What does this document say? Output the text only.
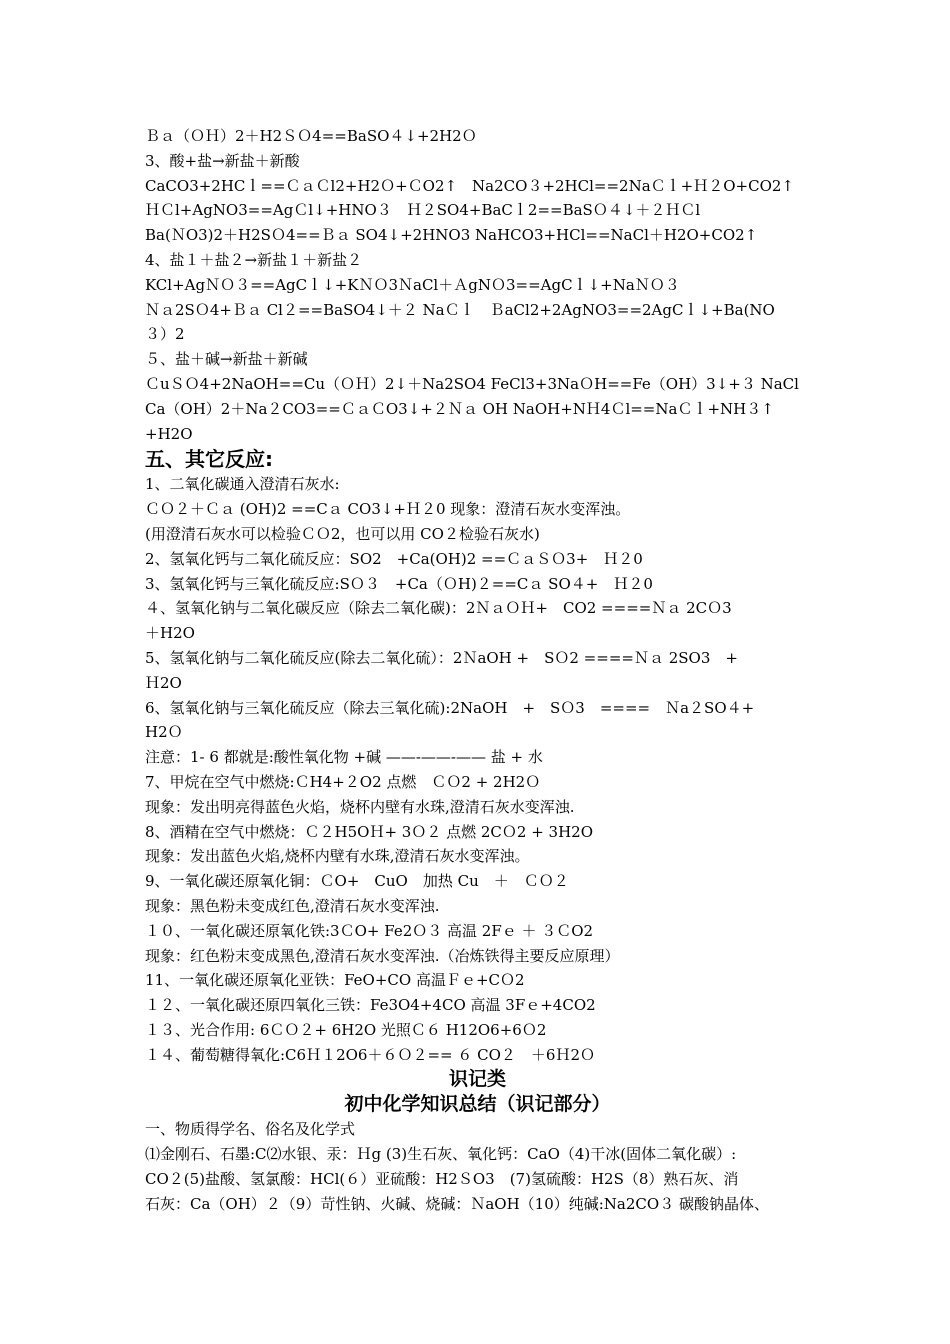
Ｂａ（ＯＨ）2＋H2ＳＯ4==BaSO４↓+2H2Ｏ
3、酸+盐→新盐＋新酸
CaCO3+2HCｌ==ＣａＣl2+H2Ｏ+ＣO2↑　Na2CO３+2HCl==2NaＣｌ+Ｈ２O+CO2↑
ＨＣl+AgNO3==AgＣl↓+HNO３　Ｈ２SO4+BaCｌ2==BaSＯ４↓＋２ＨＣl
Ba(ＮO3)2＋H2SＯ4==Ｂａ SO4↓+2HNO3 NaHCO3+HCl==NaCl＋H2O+CO2↑
4、盐１＋盐２→新盐１＋新盐２
KCl+AgＮＯ３==AgCｌ↓+KＮＯ3ＮaCl＋ＡgNＯ3==AgCｌ↓+NaＮＯ３
Ｎａ2SＯ4+Ｂａ Cl２==BaSO4↓＋２ NaＣｌ　ＢaCl2+2AgNO3==2AgCｌ↓+Ba(NO
３）2
５、盐＋碱→新盐＋新碱
ＣuＳＯ4+2NaOH==Cu（ＯＨ）2↓＋Na2SO4 FeCl3+3NaＯH==Fe（OH）3↓+３ NaCl
Ca（OH）2＋Na２CO3==ＣａＣO3↓+２Ｎａ OH NaOH+NＨ4Ｃl==NaＣｌ+NH３↑
+H2O
五、其它反应:
1、二氧化碳通入澄清石灰水:
ＣＯ２＋Ｃａ (OH)2 ==Cａ CO3↓+Ｈ２0 现象：澄清石灰水变浑浊。
(用澄清石灰水可以检验ＣＯ2，也可以用 CO２检验石灰水)
2、氢氧化钙与二氧化硫反应：SO2　+Ca(OH)2 ==ＣａＳＯ3+　Ｈ２0
3、氢氧化钙与三氧化硫反应:SＯ３　+Ca（ＯH)２==Cａ SO４+　Ｈ２0
４、氢氧化钠与二氧化碳反应（除去二氧化碳)：2ＮａＯＨ+　CO2 ====Ｎａ 2CＯ3
＋H2O
5、氢氧化钠与二氧化硫反应(除去二氧化硫）：2ＮaOH +　SＯ2 ====Ｎａ 2SO3　+
Ｈ2O
6、氢氧化钠与三氧化硫反应（除去三氧化硫):2NaOH　+　SＯ3　====　Ｎa２SO４+
H2Ｏ
注意：1- 6 都就是:酸性氧化物 +碱 ——-——-—— 盐 + 水
7、甲烷在空气中燃烧:ＣH4+２O2 点燃　ＣＯ2 + 2H2Ｏ
现象：发出明亮得蓝色火焰，烧杯内壁有水珠,澄清石灰水变浑浊.
8、酒精在空气中燃烧：Ｃ２H5OＨ+ 3Ｏ２ 点燃 2CＯ2 + 3H2O
现象：发出蓝色火焰,烧杯内壁有水珠,澄清石灰水变浑浊。
9、一氧化碳还原氧化铜：ＣO+　CuO　加热 Cu　＋　ＣＯ２
现象：黑色粉未变成红色,澄清石灰水变浑浊.
１０、一氧化碳还原氧化铁:3ＣO+ Fe2Ｏ３ 高温 2Fｅ ＋ ３ＣO2
现象：红色粉末变成黑色,澄清石灰水变浑浊.（冶炼铁得主要反应原理）
11、一氧化碳还原氧化亚铁：FeO+CO 高温Ｆｅ+CＯ2
１２、一氧化碳还原四氧化三铁：Fe3O4+4CO 高温 3Fｅ+4CO2
１３、光合作用: 6ＣＯ２+ 6H2O 光照Ｃ６ H12O6+6Ｏ2
１４、葡萄糖得氧化:C6Ｈ１2O6＋６Ｏ２== ６ CO２　＋6Ｈ2Ｏ
识记类
初中化学知识总结（识记部分）
一、物质得学名、俗名及化学式
⑴金刚石、石墨:C⑵水银、汞：Ｈg (3)生石灰、氧化钙：CaO（4)干冰(固体二氧化碳）:
CO２(5)盐酸、氢氯酸：HCl(６）亚硫酸：H2ＳO3　(7)氢硫酸：H2S（8）熟石灰、消
石灰：Ca（OH）２（9）苛性钠、火碱、烧碱：ＮaOH（10）纯碱:Na2CO３ 碳酸钠晶体、
